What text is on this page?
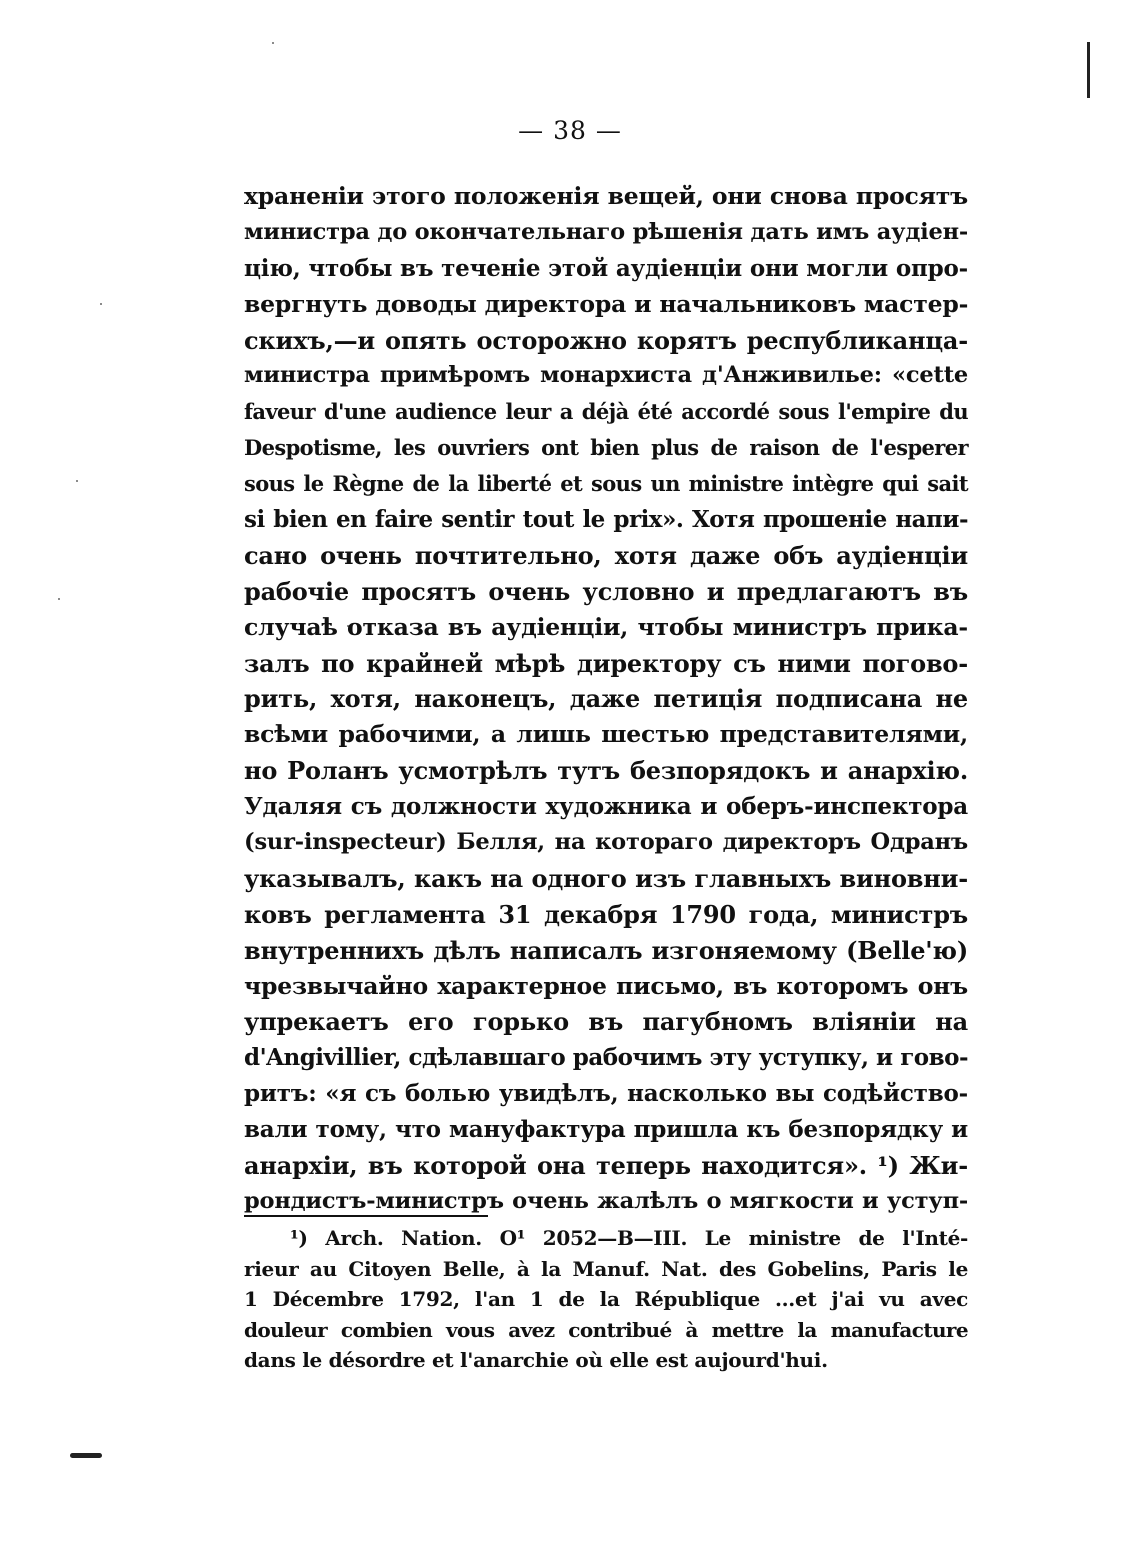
— 38 —
храненіи этого положенія вещей, они снова просятъ
министра до окончательнаго рѣшенія дать имъ аудіен-
цію, чтобы въ теченіе этой аудіенціи они могли опро-
вергнуть доводы директора и начальниковъ мастер-
скихъ,—и опять осторожно корятъ республиканца-
министра примѣромъ монархиста д'Анживилье: «cette
faveur d'une audience leur a déjà été accordé sous l'empire du
Despotisme, les ouvriers ont bien plus de raison de l'esperer
sous le Règne de la liberté et sous un ministre intègre qui sait
si bien en faire sentir tout le prix». Хотя прошеніе напи-
сано очень почтительно, хотя даже объ аудіенціи
рабочіе просятъ очень условно и предлагаютъ въ
случаѣ отказа въ аудіенціи, чтобы министръ прика-
залъ по крайней мѣрѣ директору съ ними погово-
рить, хотя, наконецъ, даже петиція подписана не
всѣми рабочими, а лишь шестью представителями,
но Роланъ усмотрѣлъ тутъ безпорядокъ и анархію.
Удаляя съ должности художника и оберъ-инспектора
(sur-inspecteur) Белля, на котораго директоръ Одранъ
указывалъ, какъ на одного изъ главныхъ виновни-
ковъ регламента 31 декабря 1790 года, министръ
внутреннихъ дѣлъ написалъ изгоняемому (Belle'ю)
чрезвычайно характерное письмо, въ которомъ онъ
упрекаетъ его горько въ пагубномъ вліяніи на
d'Angivillier, сдѣлавшаго рабочимъ эту уступку, и гово-
ритъ: «я съ болью увидѣлъ, насколько вы содѣйство-
вали тому, что мануфактура пришла къ безпорядку и
анархіи, въ которой она теперь находится». ¹) Жи-
рондистъ-министръ очень жалѣлъ о мягкости и уступ-
¹) Arch. Nation. O¹ 2052—B—III. Le ministre de l'Inté-
rieur au Citoyen Belle, à la Manuf. Nat. des Gobelins, Paris le
1 Décembre 1792, l'an 1 de la République ...et j'ai vu avec
douleur combien vous avez contribué à mettre la manufacture
dans le désordre et l'anarchie où elle est aujourd'hui.
